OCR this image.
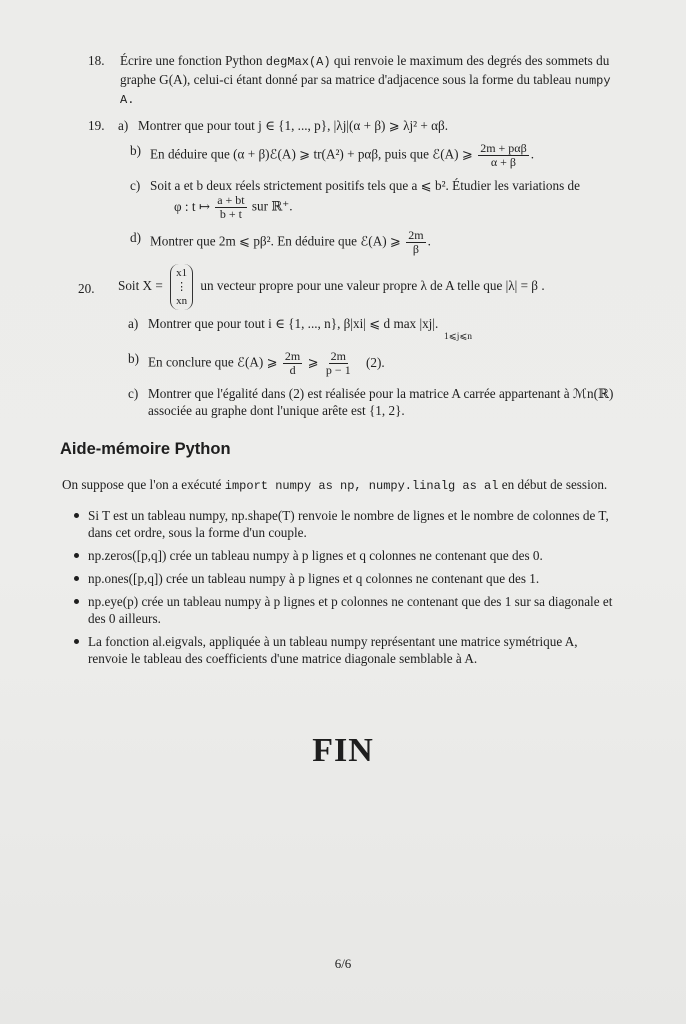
18. Écrire une fonction Python degMax(A) qui renvoie le maximum des degrés des sommets du graphe G(A), celui-ci étant donné par sa matrice d'adjacence sous la forme du tableau numpy A.
19. a) Montrer que pour tout j ∈ {1, ..., p}, |λj|(α + β) ⩾ λj² + αβ.
b) En déduire que (α + β)ℰ(A) ⩾ tr(A²) + pαβ, puis que ℰ(A) ⩾ $\frac{\text{2m + pαβ}}{\alpha + \beta}$ .
c) Soit a et b deux réels strictement positifs tels que a ⩽ b². Étudier les variations de
φ : t ↦ $\frac{a + bt}{b + t}$ sur ℝ⁺.
d) Montrer que 2m ⩽ pβ². En déduire que ℰ(A) ⩾ $\frac{2m}{\beta}$ .
20. Soit X =
x1
⋮
xn
un vecteur propre pour une valeur propre λ de A telle que |λ| = β .
a) Montrer que pour tout i ∈ {1, ..., n}, β|xi| ⩽ d max |xj|.
1⩽j⩽n
b) En conclure que ℰ(A) ⩾ $\frac{2m}{d}$ ⩾ $\frac{2m}{p - 1} (2)$.
c) Montrer que l'égalité dans (2) est réalisée pour la matrice A carrée appartenant à ℳn(ℝ) associée au graphe dont l'unique arête est {1, 2}.
Aide-mémoire Python
On suppose que l'on a exécuté import numpy as np, numpy.linalg as al en début de session.
Si T est un tableau numpy, np.shape(T) renvoie le nombre de lignes et le nombre de colonnes de T, dans cet ordre, sous la forme d'un couple.
np.zeros([p,q]) crée un tableau numpy à p lignes et q colonnes ne contenant que des 0.
np.ones([p,q]) crée un tableau numpy à p lignes et q colonnes ne contenant que des 1.
np.eye(p) crée un tableau numpy à p lignes et p colonnes ne contenant que des 1 sur sa diagonale et des 0 ailleurs.
La fonction al.eigvals, appliquée à un tableau numpy représentant une matrice symétrique A, renvoie le tableau des coefficients d'une matrice diagonale semblable à A.
FIN
6/6
